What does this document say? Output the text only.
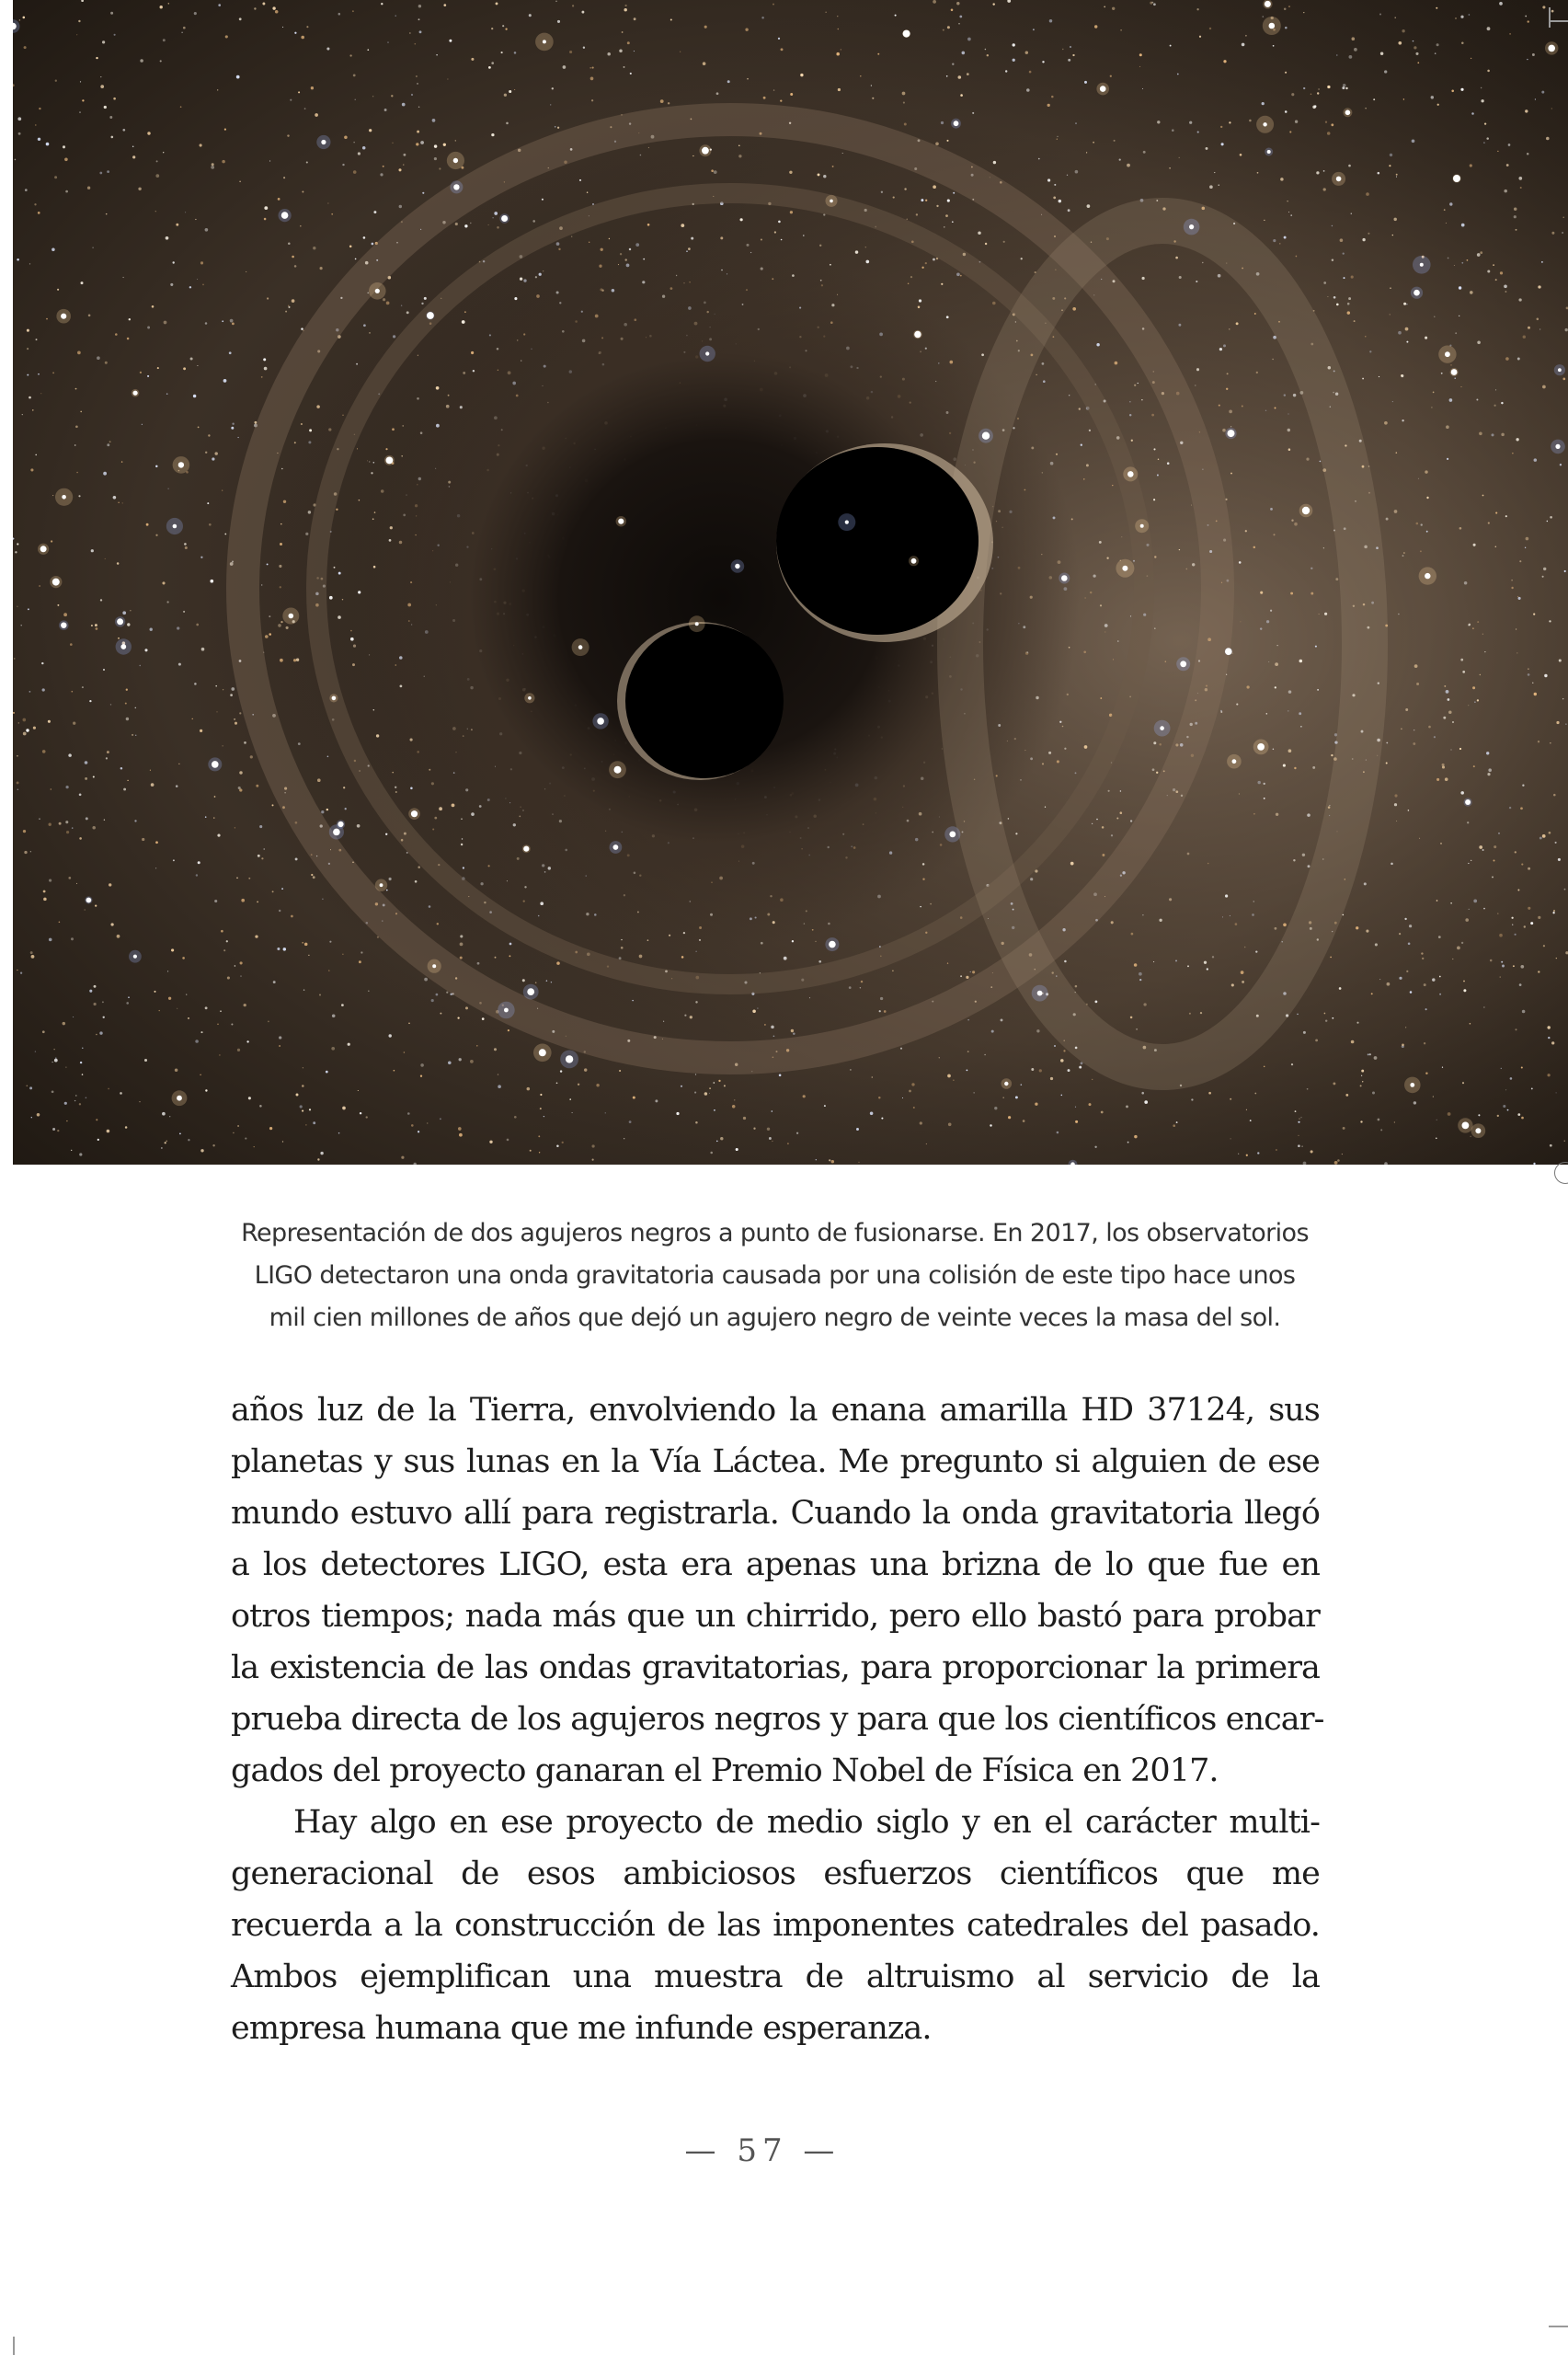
Representación de dos agujeros negros a punto de fusionarse. En 2017, los observatorios
LIGO detectaron una onda gravitatoria causada por una colisión de este tipo hace unos
mil cien millones de años que dejó un agujero negro de veinte veces la masa del sol.
años luz de la Tierra, envolviendo la enana amarilla HD 37124, sus
planetas y sus lunas en la Vía Láctea. Me pregunto si alguien de ese
mundo estuvo allí para registrarla. Cuando la onda gravitatoria llegó
a los detectores LIGO, esta era apenas una brizna de lo que fue en
otros tiempos; nada más que un chirrido, pero ello bastó para probar
la existencia de las ondas gravitatorias, para proporcionar la primera
prueba directa de los agujeros negros y para que los científicos encar-
gados del proyecto ganaran el Premio Nobel de Física en 2017.
Hay algo en ese proyecto de medio siglo y en el carácter multi-
generacional de esos ambiciosos esfuerzos científicos que me
recuerda a la construcción de las imponentes catedrales del pasado.
Ambos ejemplifican una muestra de altruismo al servicio de la
empresa humana que me infunde esperanza.
— 57 —
